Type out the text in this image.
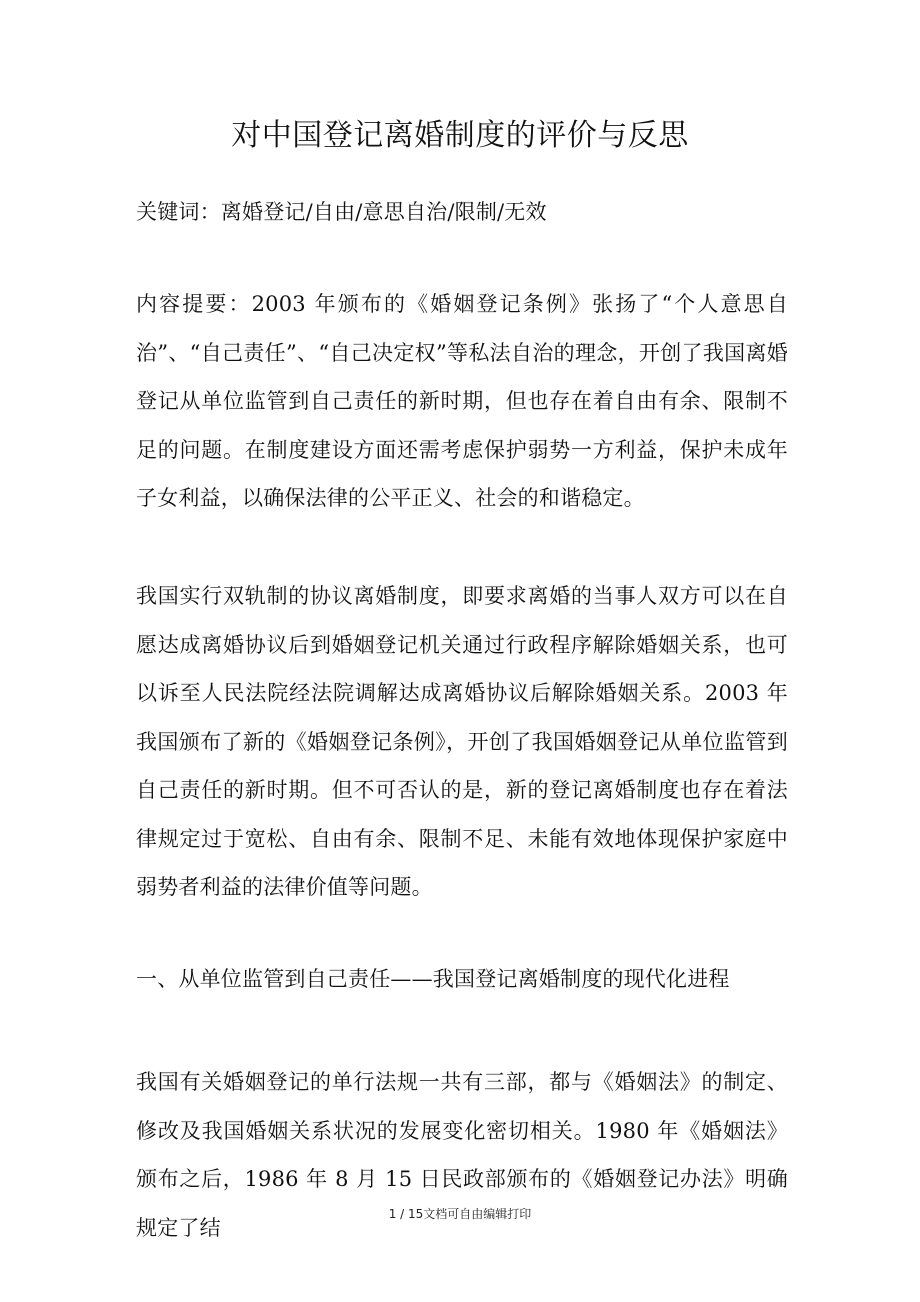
对中国登记离婚制度的评价与反思

关键词：离婚登记/自由/意思自治/限制/无效

内容提要：2003 年颁布的《婚姻登记条例》张扬了“个人意思自治”、“自己责任”、“自己决定权”等私法自治的理念，开创了我国离婚登记从单位监管到自己责任的新时期，但也存在着自由有余、限制不足的问题。在制度建设方面还需考虑保护弱势一方利益，保护未成年子女利益，以确保法律的公平正义、社会的和谐稳定。

我国实行双轨制的协议离婚制度，即要求离婚的当事人双方可以在自愿达成离婚协议后到婚姻登记机关通过行政程序解除婚姻关系，也可以诉至人民法院经法院调解达成离婚协议后解除婚姻关系。2003 年我国颁布了新的《婚姻登记条例》，开创了我国婚姻登记从单位监管到自己责任的新时期。但不可否认的是，新的登记离婚制度也存在着法律规定过于宽松、自由有余、限制不足、未能有效地体现保护家庭中弱势者利益的法律价值等问题。

一、从单位监管到自己责任——我国登记离婚制度的现代化进程

我国有关婚姻登记的单行法规一共有三部，都与《婚姻法》的制定、修改及我国婚姻关系状况的发展变化密切相关。1980 年《婚姻法》颁布之后，1986 年 8 月 15 日民政部颁布的《婚姻登记办法》明确规定了结

1 / 15文档可自由编辑打印
